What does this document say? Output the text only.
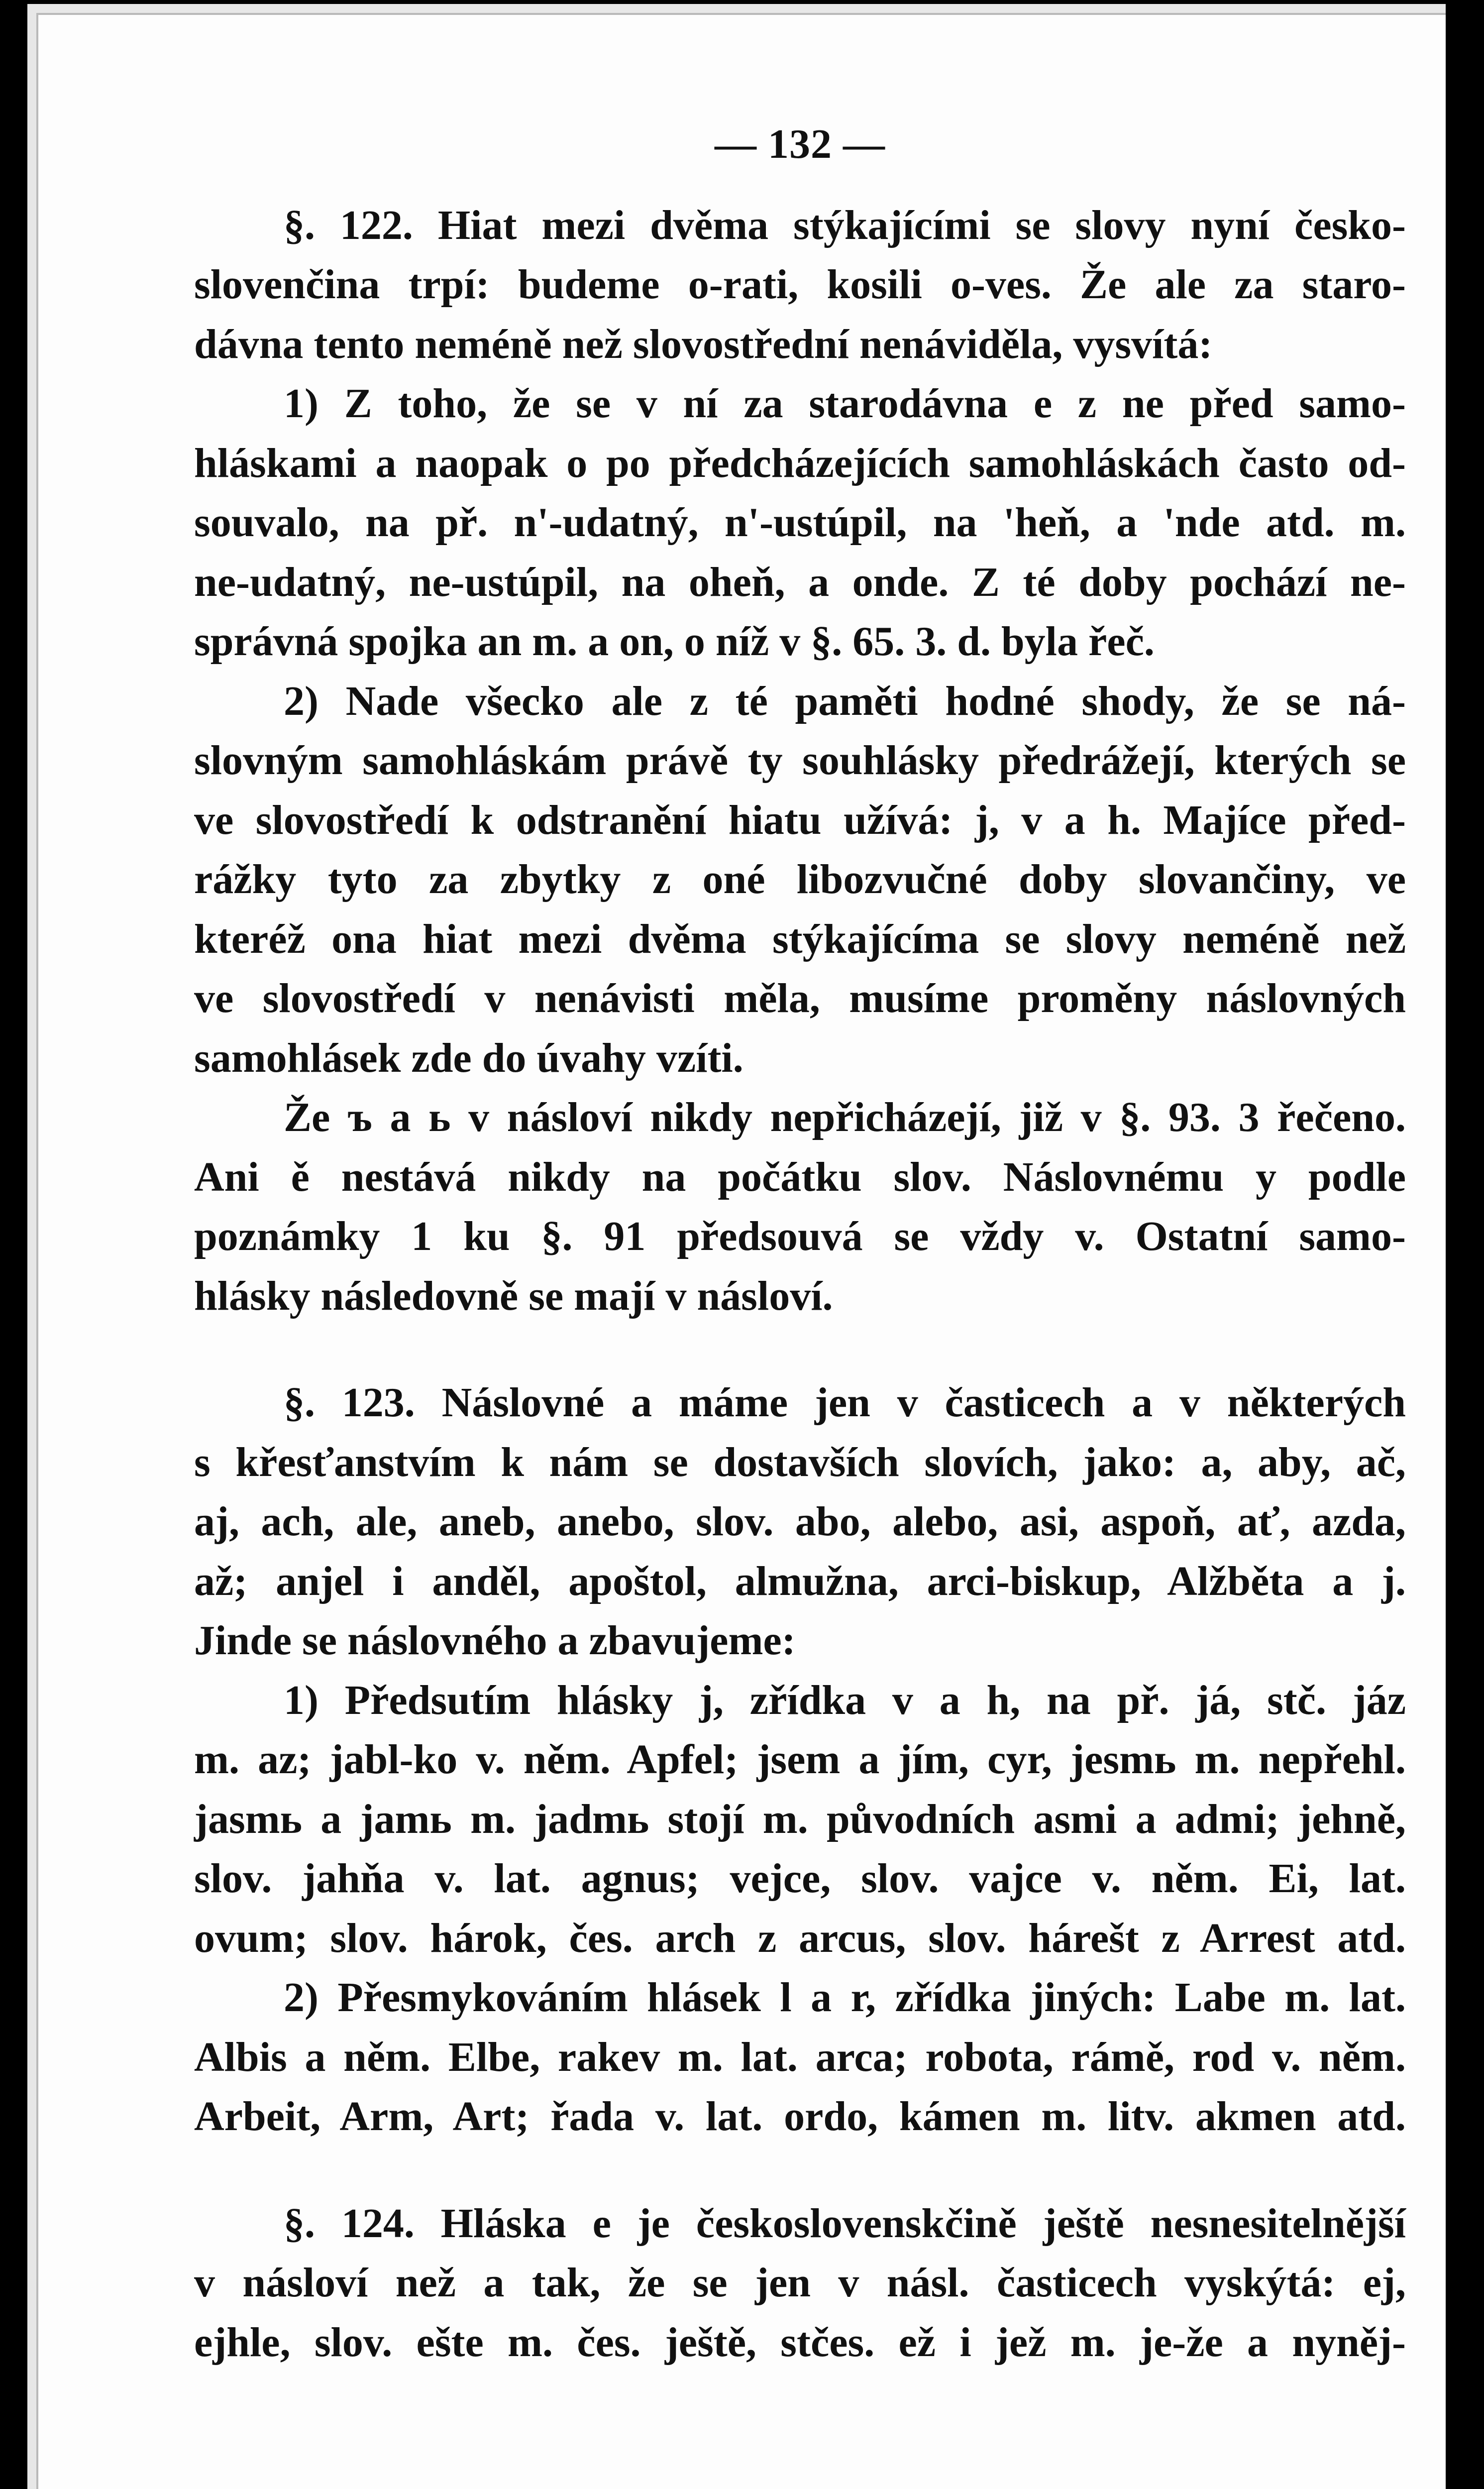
— 132 —
§. 122. Hiat mezi dvěma stýkajícími se slovy nyní česko-
slovenčina trpí: budeme o-rati, kosili o-ves. Že ale za staro-
dávna tento neméně než slovostřední nenáviděla, vysvítá:
1) Z toho, že se v ní za starodávna e z ne před samo-
hláskami a naopak o po předcházejících samohláskách často od-
souvalo, na př. n'-udatný, n'-ustúpil, na 'heň, a 'nde atd. m.
ne-udatný, ne-ustúpil, na oheň, a onde. Z té doby pochází ne-
správná spojka an m. a on, o níž v §. 65. 3. d. byla řeč.
2) Nade všecko ale z té paměti hodné shody, že se ná-
slovným samohláskám právě ty souhlásky předrážejí, kterých se
ve slovostředí k odstranění hiatu užívá: j, v a h. Majíce před-
rážky tyto za zbytky z oné libozvučné doby slovančiny, ve
kteréž ona hiat mezi dvěma stýkajícíma se slovy neméně než
ve slovostředí v nenávisti měla, musíme proměny náslovných
samohlásek zde do úvahy vzíti.
Že ъ a ь v násloví nikdy nepřicházejí, již v §. 93. 3 řečeno.
Ani ě nestává nikdy na počátku slov. Náslovnému y podle
poznámky 1 ku §. 91 předsouvá se vždy v. Ostatní samo-
hlásky následovně se mají v násloví.
§. 123. Náslovné a máme jen v časticech a v některých
s křesťanstvím k nám se dostavších slovích, jako: a, aby, ač,
aj, ach, ale, aneb, anebo, slov. abo, alebo, asi, aspoň, ať, azda,
až; anjel i anděl, apoštol, almužna, arci-biskup, Alžběta a j.
Jinde se náslovného a zbavujeme:
1) Předsutím hlásky j, zřídka v a h, na př. já, stč. jáz
m. az; jabl-ko v. něm. Apfel; jsem a jím, cyr, jesmь m. nepřehl.
jasmь a jamь m. jadmь stojí m. původních asmi a admi; jehně,
slov. jahňa v. lat. agnus; vejce, slov. vajce v. něm. Ei, lat.
ovum; slov. hárok, čes. arch z arcus, slov. hárešt z Arrest atd.
2) Přesmykováním hlásek l a r, zřídka jiných: Labe m. lat.
Albis a něm. Elbe, rakev m. lat. arca; robota, rámě, rod v. něm.
Arbeit, Arm, Art; řada v. lat. ordo, kámen m. litv. akmen atd.
§. 124. Hláska e je československčině ještě nesnesitelnější
v násloví než a tak, že se jen v násl. časticech vyskýtá: ej,
ejhle, slov. ešte m. čes. ještě, stčes. ež i jež m. je-že a nyněj-
